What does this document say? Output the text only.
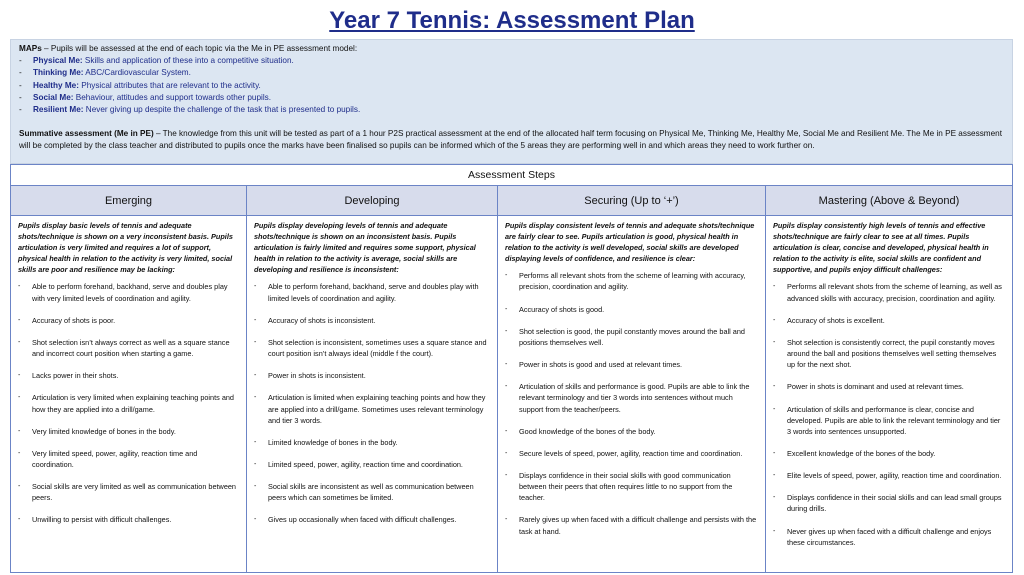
Year 7 Tennis: Assessment Plan
MAPs – Pupils will be assessed at the end of each topic via the Me in PE assessment model:
-	Physical Me: Skills and application of these into a competitive situation.
-	Thinking Me: ABC/Cardiovascular System.
-	Healthy Me: Physical attributes that are relevant to the activity.
-	Social Me: Behaviour, attitudes and support towards other pupils.
-	Resilient Me: Never giving up despite the challenge of the task that is presented to pupils.
Summative assessment (Me in PE) – The knowledge from this unit will be tested as part of a 1 hour P2S practical assessment at the end of the allocated half term focusing on Physical Me, Thinking Me, Healthy Me, Social Me and Resilient Me. The Me in PE assessment will be completed by the class teacher and distributed to pupils once the marks have been finalised so pupils can be informed which of the 5 areas they are performing well in and which areas they need to work further on.
Assessment Steps
Emerging
Pupils display basic levels of tennis and adequate shots/technique is shown on a very inconsistent basis. Pupils articulation is very limited and requires a lot of support, physical health in relation to the activity is very limited, social skills are poor and resilience may be lacking:
-	Able to perform forehand, backhand, serve and doubles play with very limited levels of coordination and agility.
-	Accuracy of shots is poor.
-	Shot selection isn’t always correct as well as a square stance and incorrect court position when starting a game.
-	Lacks power in their shots.
-	Articulation is very limited when explaining teaching points and how they are applied into a drill/game.
-	Very limited knowledge of bones in the body.
-	Very limited speed, power, agility, reaction time and coordination.
-	Social skills are very limited as well as communication between peers.
-	Unwilling to persist with difficult challenges.
Developing
Pupils display developing levels of tennis and adequate shots/technique is shown on an inconsistent basis. Pupils articulation is fairly limited and requires some support, physical health in relation to the activity is average, social skills are developing and resilience is inconsistent:
-	Able to perform forehand, backhand, serve and doubles play with limited levels of coordination and agility.
-	Accuracy of shots is inconsistent.
-	Shot selection is inconsistent, sometimes uses a square stance and court position isn’t always ideal (middle f the court).
-	Power in shots is inconsistent.
-	Articulation is limited when explaining teaching points and how they are applied into a drill/game. Sometimes uses relevant terminology and tier 3 words.
-	Limited knowledge of bones in the body.
-	Limited speed, power, agility, reaction time and coordination.
-	Social skills are inconsistent as well as communication between peers which can sometimes be limited.
-	Gives up occasionally when faced with difficult challenges.
Securing (Up to ‘+’)
Pupils display consistent levels of tennis and adequate shots/technique are fairly clear to see. Pupils articulation is good, physical health in relation to the activity is well developed, social skills are developed displaying levels of confidence, and resilience is clear:
-	Performs all relevant shots from the scheme of learning with accuracy, precision, coordination and agility.
-	Accuracy of shots is good.
-	Shot selection is good, the pupil constantly moves around the ball and positions themselves well.
-	Power in shots is good and used at relevant times.
-	Articulation of skills and performance is good. Pupils are able to link the relevant terminology and tier 3 words into sentences without much support from the teacher/peers.
-	Good knowledge of the bones of the body.
-	Secure levels of speed, power, agility, reaction time and coordination.
-	Displays confidence in their social skills with good communication between their peers that often requires little to no support from the teacher.
-	Rarely gives up when faced with a difficult challenge and persists with the task at hand.
Mastering (Above & Beyond)
Pupils display consistently high levels of tennis and effective shots/technique are fairly clear to see at all times. Pupils articulation is clear, concise and developed, physical health in relation to the activity is elite, social skills are confident and supportive, and pupils enjoy difficult challenges:
-	Performs all relevant shots from the scheme of learning, as well as advanced skills with accuracy, precision, coordination and agility.
-	Accuracy of shots is excellent.
-	Shot selection is consistently correct, the pupil constantly moves around the ball and positions themselves well setting themselves up for the next shot.
-	Power in shots is dominant and used at relevant times.
-	Articulation of skills and performance is clear, concise and developed. Pupils are able to link the relevant terminology and tier 3 words into sentences unsupported.
-	Excellent knowledge of the bones of the body.
-	Elite levels of speed, power, agility, reaction time and coordination.
-	Displays confidence in their social skills and can lead small groups during drills.
-	Never gives up when faced with a difficult challenge and enjoys these circumstances.
